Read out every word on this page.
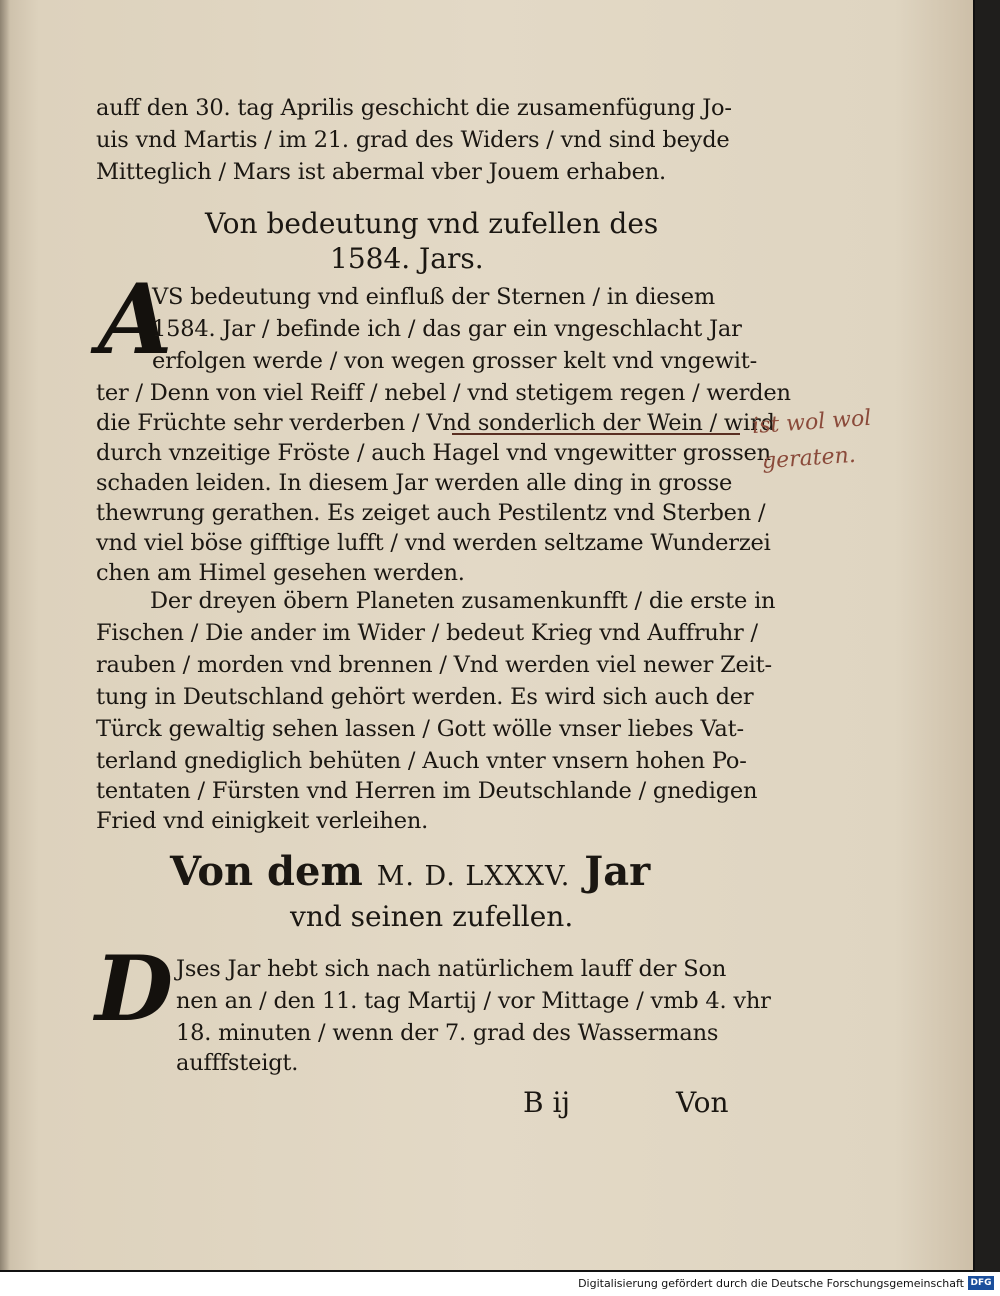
auff den 30. tag Aprilis geschicht die zusamenfügung Jo-
uis vnd Martis / im 21. grad des Widers / vnd sind beyde
Mitteglich / Mars ist abermal vber Jouem erhaben.
Von bedeutung vnd zufellen des
1584. Jars.
A
VS bedeutung vnd einfluß der Sternen / in diesem
1584. Jar / befinde ich / das gar ein vngeschlacht Jar
erfolgen werde / von wegen grosser kelt vnd vngewit-
ter / Denn von viel Reiff / nebel / vnd stetigem regen / werden
die Früchte sehr verderben / Vnd sonderlich der Wein / wird
durch vnzeitige Fröste / auch Hagel vnd vngewitter grossen
schaden leiden. In diesem Jar werden alle ding in grosse
thewrung gerathen. Es zeiget auch Pestilentz vnd Sterben /
vnd viel böse gifftige lufft / vnd werden seltzame Wunderzei
chen am Himel gesehen werden.
ist wol wol
geraten.
Der dreyen öbern Planeten zusamenkunfft / die erste in
Fischen / Die ander im Wider / bedeut Krieg vnd Auffruhr /
rauben / morden vnd brennen / Vnd werden viel newer Zeit-
tung in Deutschland gehört werden. Es wird sich auch der
Türck gewaltig sehen lassen / Gott wölle vnser liebes Vat-
terland gnediglich behüten / Auch vnter vnsern hohen Po-
tentaten / Fürsten vnd Herren im Deutschlande / gnedigen
Fried vnd einigkeit verleihen.
Von dem M. D. LXXXV. Jar
vnd seinen zufellen.
D Jses Jar hebt sich nach natürlichem lauff der Son
nen an / den 11. tag Martij / vor Mittage / vmb 4. vhr
18. minuten / wenn der 7. grad des Wassermans
aufffsteigt.
B ij	Von
Digitalisierung gefördert durch die Deutsche Forschungsgemeinschaft DFG
